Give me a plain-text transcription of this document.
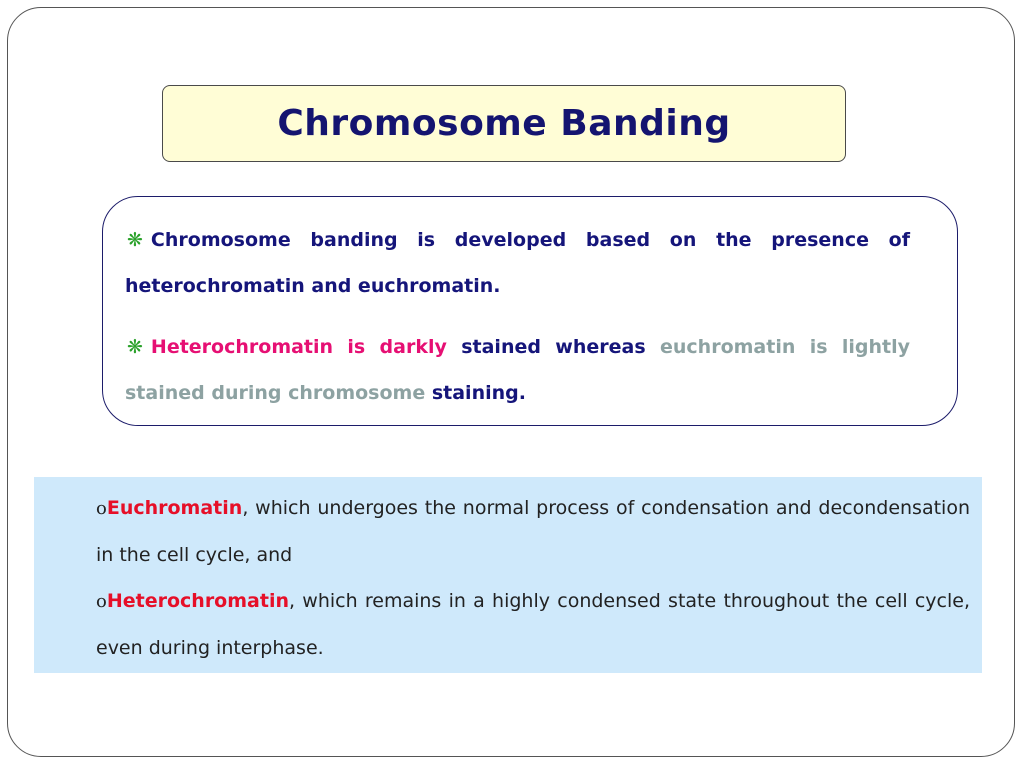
Chromosome Banding
❋ Chromosome banding is developed based on the presence of heterochromatin and euchromatin.
❋ Heterochromatin is darkly stained whereas euchromatin is lightly stained during chromosome staining.
oEuchromatin, which undergoes the normal process of condensation and decondensation in the cell cycle, and
oHeterochromatin, which remains in a highly condensed state throughout the cell cycle, even during interphase.
